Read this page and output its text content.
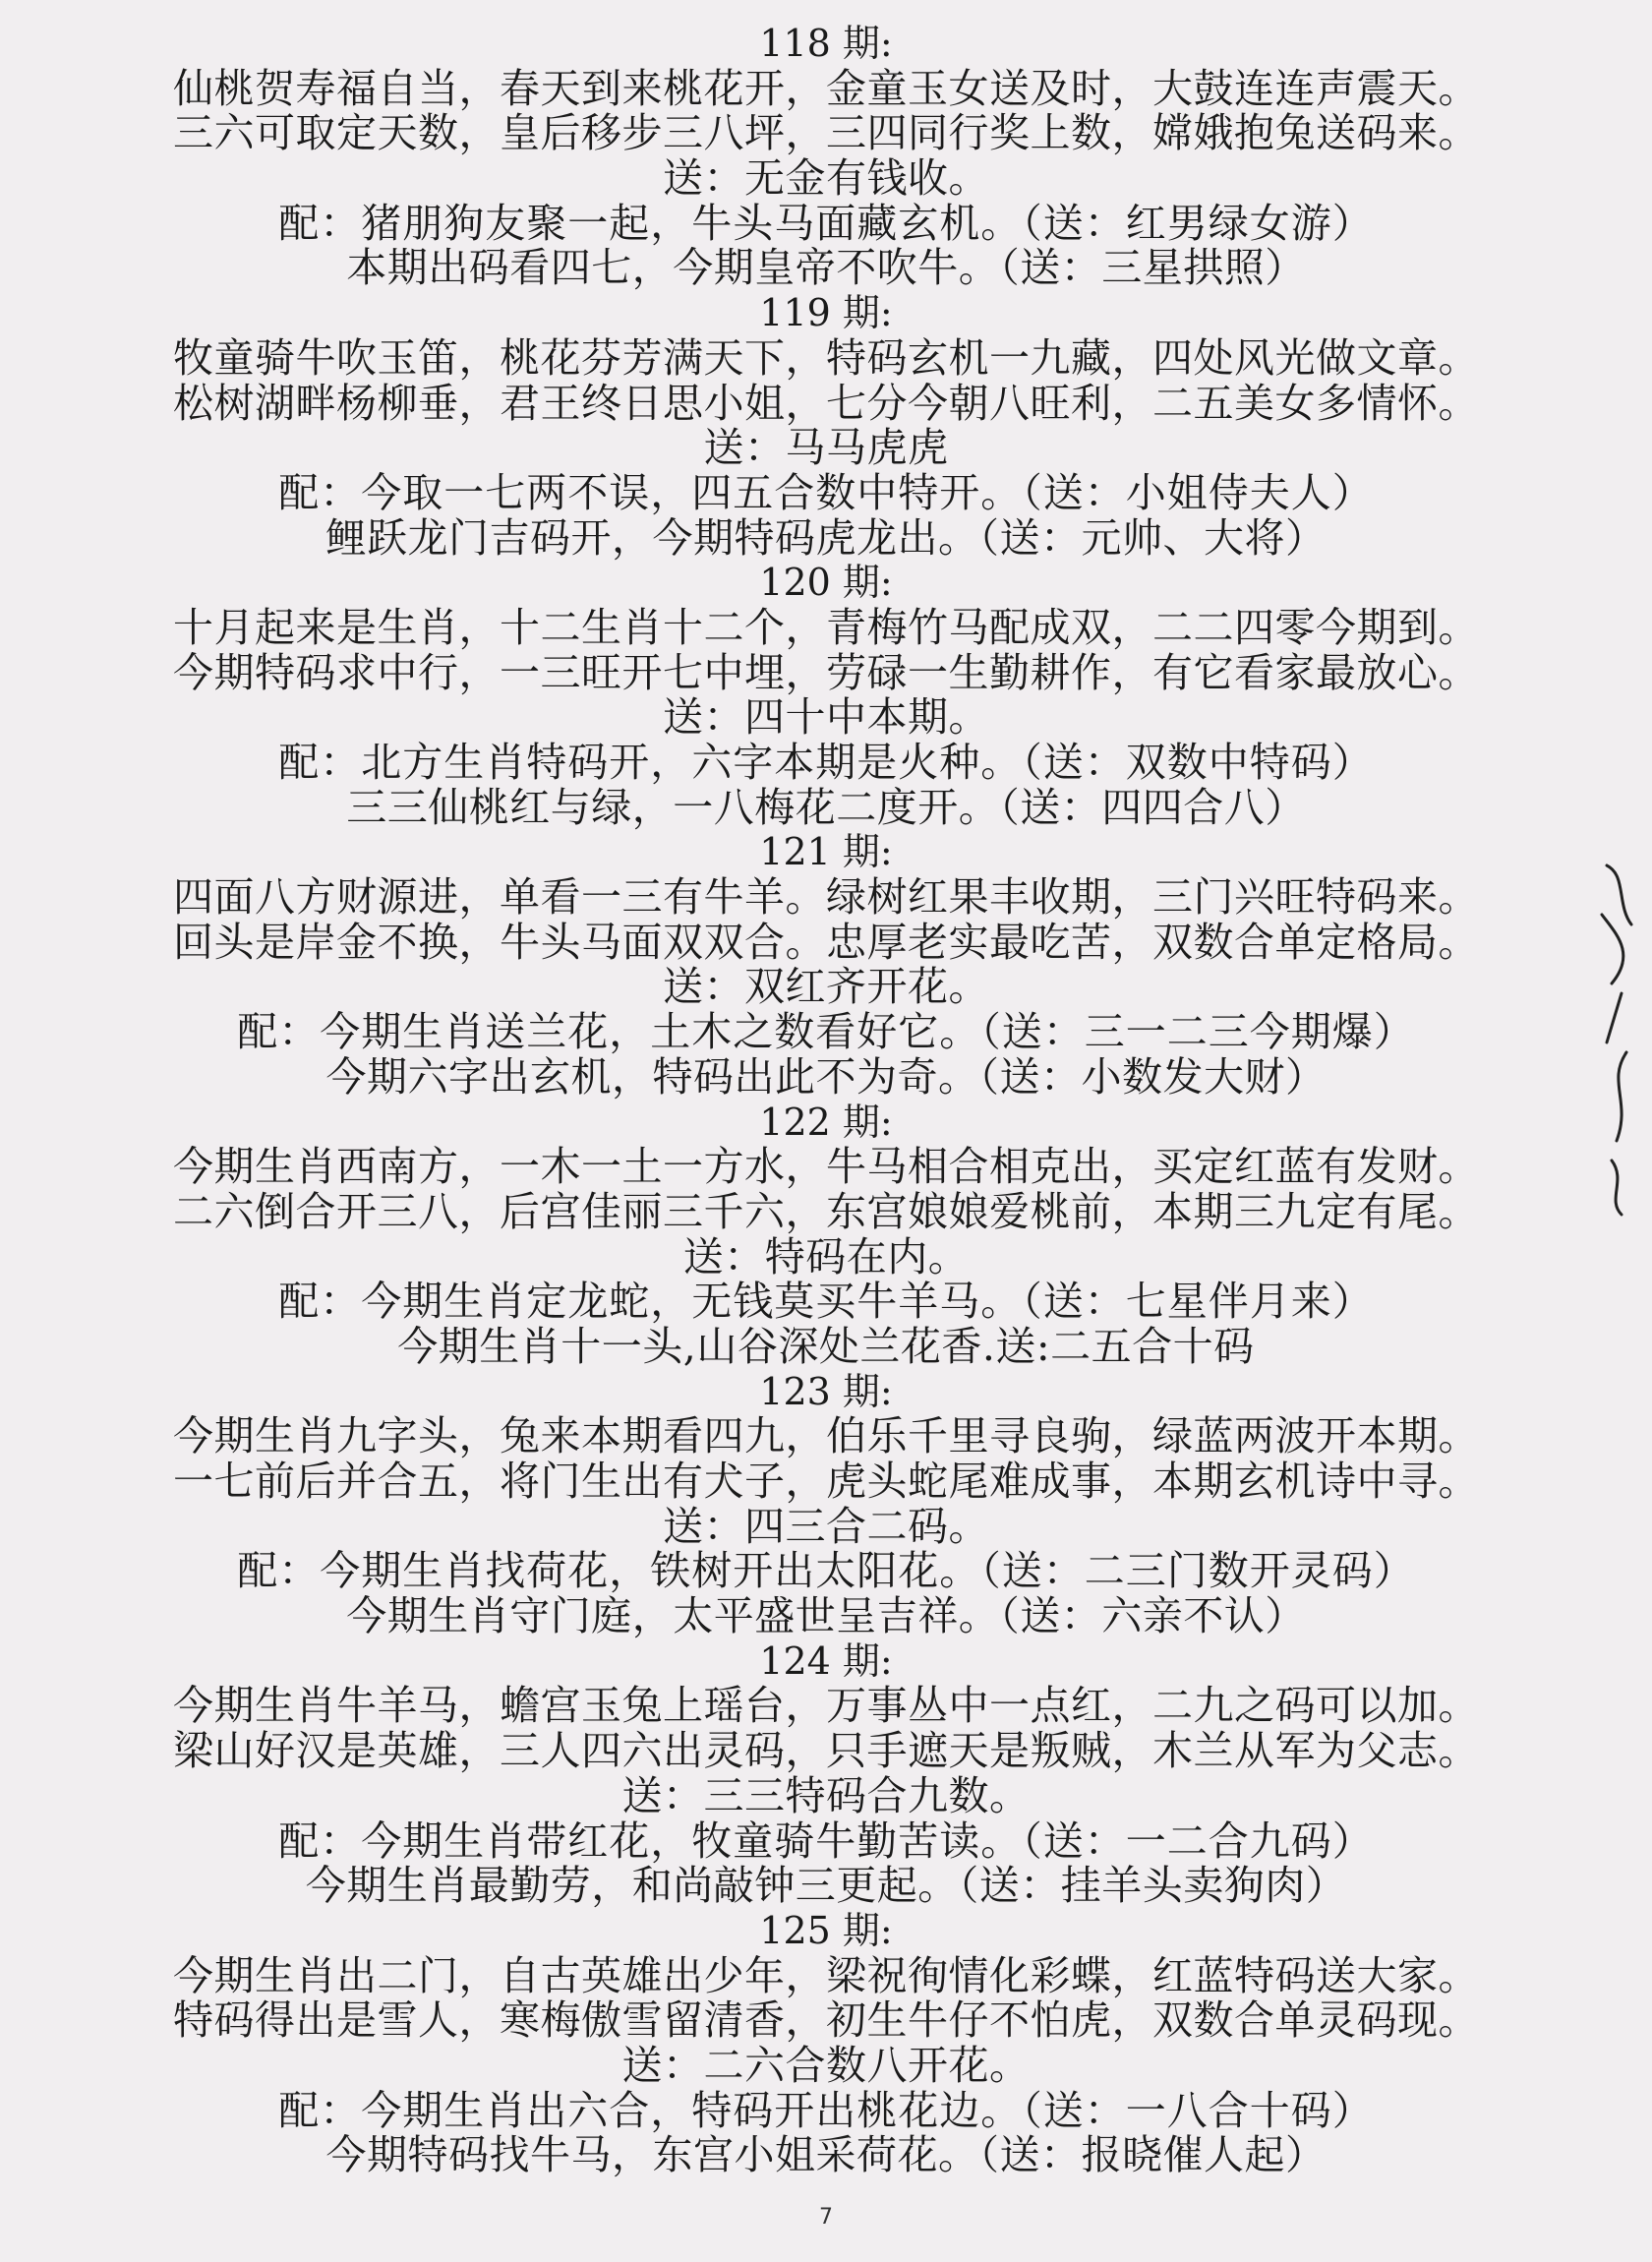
118 期:
仙桃贺寿福自当，春天到来桃花开，金童玉女送及时，大鼓连连声震天。
三六可取定天数，皇后移步三八坪，三四同行奖上数，嫦娥抱兔送码来。
送：无金有钱收。
配：猪朋狗友聚一起，牛头马面藏玄机。（送：红男绿女游）
本期出码看四七，今期皇帝不吹牛。（送：三星拱照）
119 期:
牧童骑牛吹玉笛，桃花芬芳满天下，特码玄机一九藏，四处风光做文章。
松树湖畔杨柳垂，君王终日思小姐，七分今朝八旺利，二五美女多情怀。
送：马马虎虎
配：今取一七两不误，四五合数中特开。（送：小姐侍夫人）
鲤跃龙门吉码开，今期特码虎龙出。（送：元帅、大将）
120 期:
十月起来是生肖，十二生肖十二个，青梅竹马配成双，二二四零今期到。
今期特码求中行，一三旺开七中埋，劳碌一生勤耕作，有它看家最放心。
送：四十中本期。
配：北方生肖特码开，六字本期是火种。（送：双数中特码）
三三仙桃红与绿，一八梅花二度开。（送：四四合八）
121 期:
四面八方财源进，单看一三有牛羊。绿树红果丰收期，三门兴旺特码来。
回头是岸金不换，牛头马面双双合。忠厚老实最吃苦，双数合单定格局。
送：双红齐开花。
配：今期生肖送兰花，土木之数看好它。（送：三一二三今期爆）
今期六字出玄机，特码出此不为奇。（送：小数发大财）
122 期:
今期生肖西南方，一木一土一方水，牛马相合相克出，买定红蓝有发财。
二六倒合开三八，后宫佳丽三千六，东宫娘娘爱桃前，本期三九定有尾。
送：特码在内。
配：今期生肖定龙蛇，无钱莫买牛羊马。（送：七星伴月来）
今期生肖十一头,山谷深处兰花香.送:二五合十码
123 期:
今期生肖九字头，兔来本期看四九，伯乐千里寻良驹，绿蓝两波开本期。
一七前后并合五，将门生出有犬子，虎头蛇尾难成事，本期玄机诗中寻。
送：四三合二码。
配：今期生肖找荷花，铁树开出太阳花。（送：二三门数开灵码）
今期生肖守门庭，太平盛世呈吉祥。（送：六亲不认）
124 期:
今期生肖牛羊马，蟾宫玉兔上瑶台，万事丛中一点红，二九之码可以加。
梁山好汉是英雄，三人四六出灵码，只手遮天是叛贼，木兰从军为父志。
送：三三特码合九数。
配：今期生肖带红花，牧童骑牛勤苦读。（送：一二合九码）
今期生肖最勤劳，和尚敲钟三更起。（送：挂羊头卖狗肉）
125 期:
今期生肖出二门，自古英雄出少年，梁祝徇情化彩蝶，红蓝特码送大家。
特码得出是雪人，寒梅傲雪留清香，初生牛仔不怕虎，双数合单灵码现。
送：二六合数八开花。
配：今期生肖出六合，特码开出桃花边。（送：一八合十码）
今期特码找牛马，东宫小姐采荷花。（送：报晓催人起）
7
